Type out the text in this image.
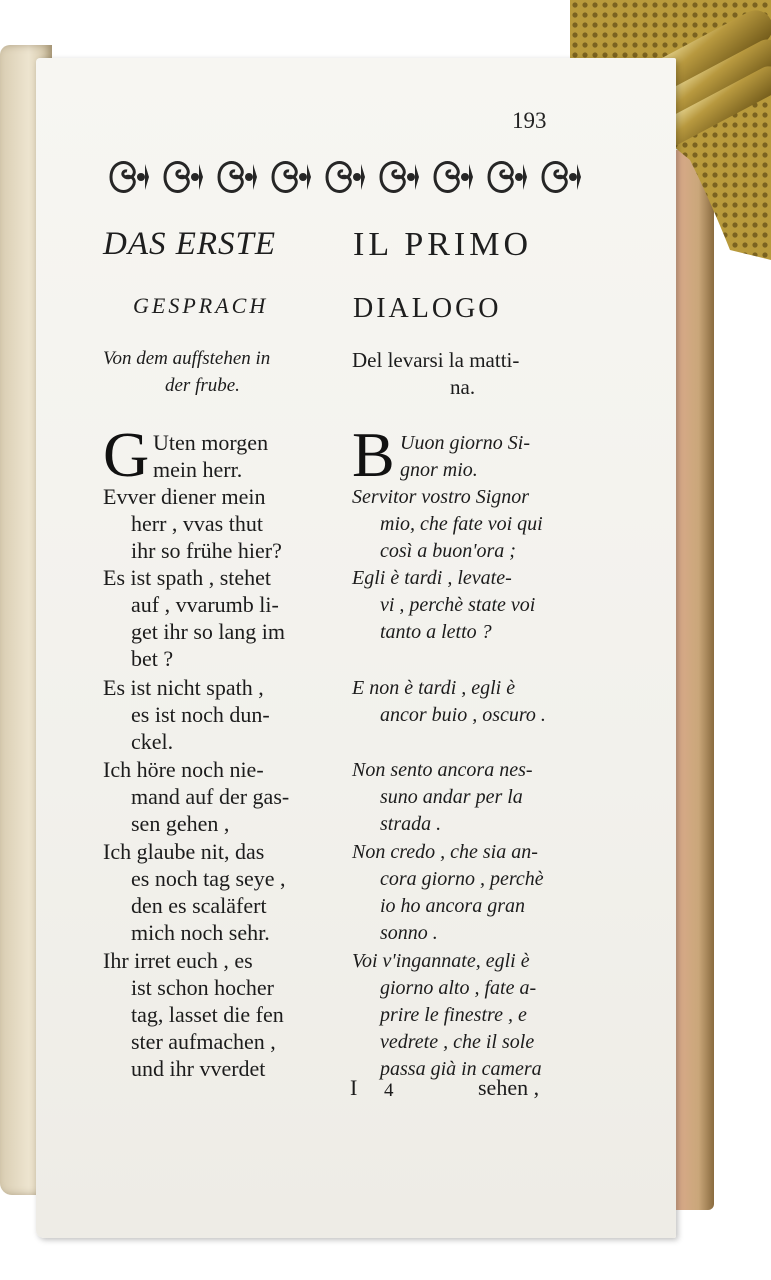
193
DAS ERSTE IL PRIMO
GESPRACH	DIALOGO
Von dem auffstehen in
der frube.
G Uten morgen
mein herr.
Evver diener mein
herr , vvas thut
ihr so frühe hier?
Es ist spath , stehet
auf , vvarumb li-
get ihr so lang im
bet ?
Es ist nicht spath ,
es ist noch dun-
ckel.
Ich höre noch nie-
mand auf der gas-
sen gehen ,
Ich glaube nit, das
es noch tag seye ,
den es scaläfert
mich noch sehr.
Ihr irret euch , es
ist schon hocher
tag, lasset die fen
ster aufmachen ,
und ihr vverdet
Del levarsi la matti-
na.
B Uuon giorno Si-
gnor mio.
Servitor vostro Signor
mio, che fate voi qui
così a buon'ora ;
Egli è tardi , levate-
vi , perchè state voi
tanto a letto ?
E non è tardi , egli è
ancor buio , oscuro .
Non sento ancora nes-
suno andar per la
strada .
Non credo , che sia an-
cora giorno , perchè
io ho ancora gran
sonno .
Voi v'ingannate, egli è
giorno alto , fate a-
prire le finestre , e
vedrete , che il sole
passa già in camera
I 4	sehen ,
